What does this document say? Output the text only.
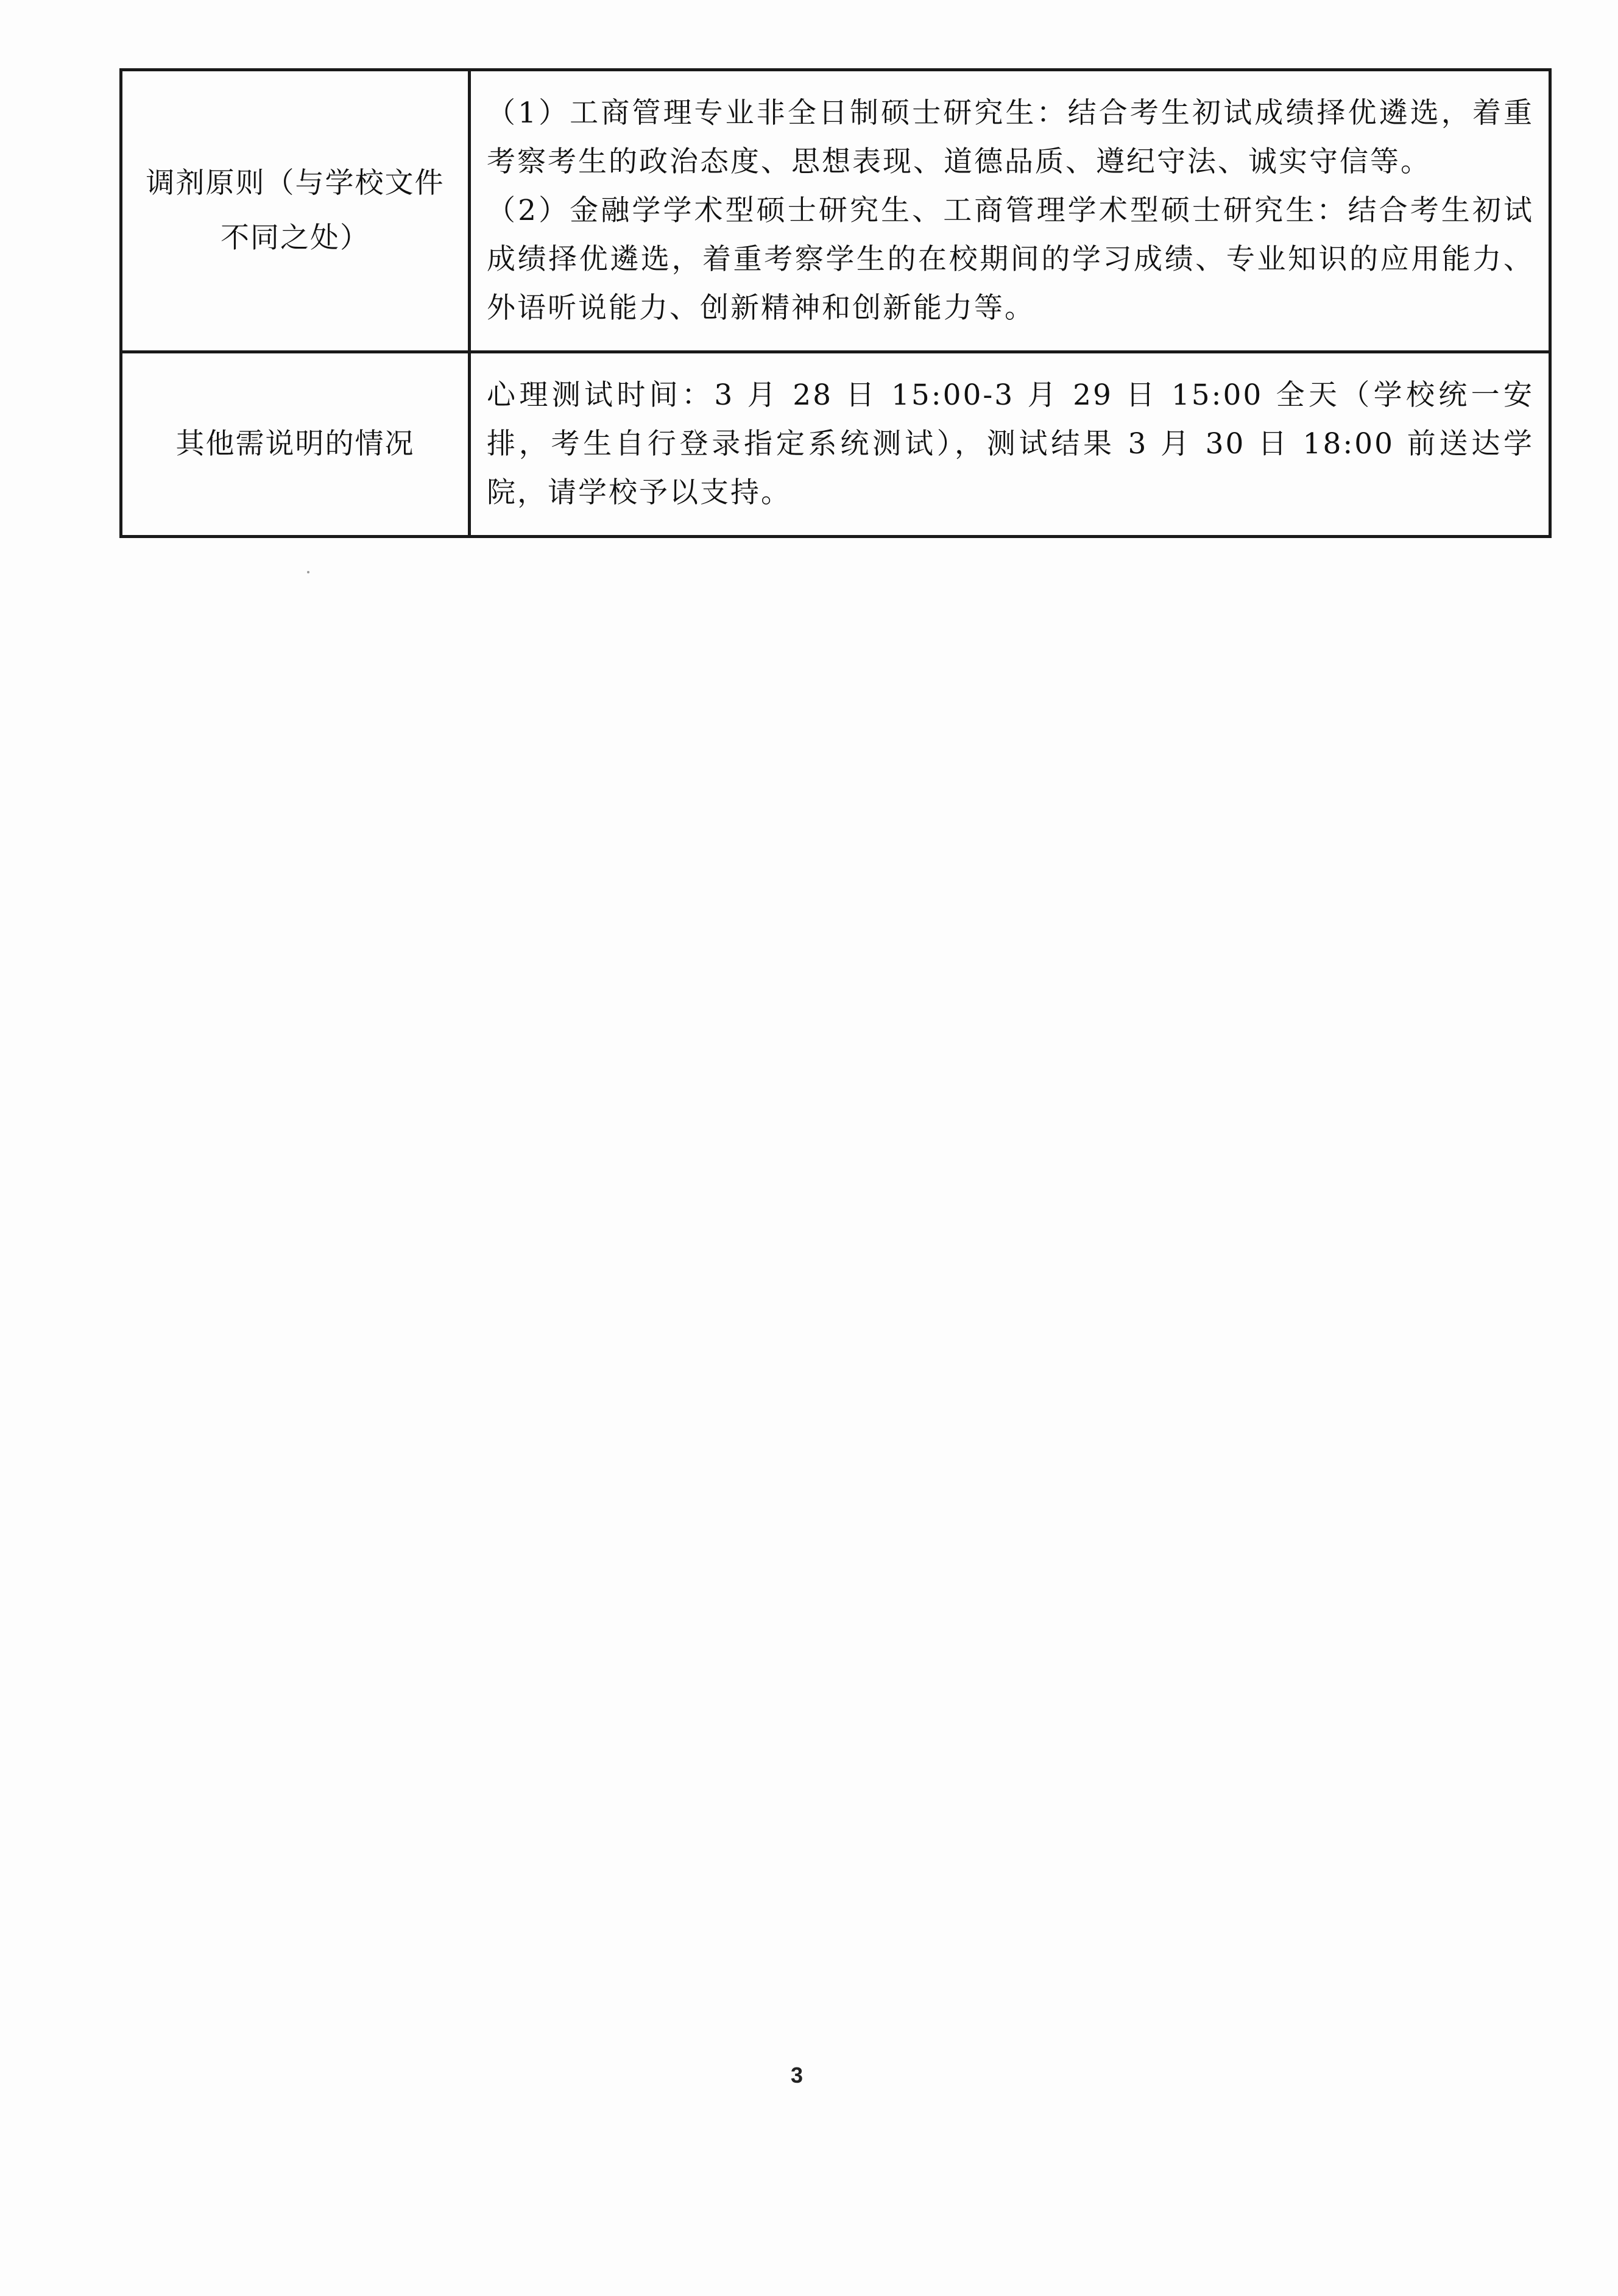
调剂原则（与学校文件不同之处）	（1）工商管理专业非全日制硕士研究生：结合考生初试成绩择优遴选，着重考察考生的政治态度、思想表现、道德品质、遵纪守法、诚实守信等。
（2）金融学学术型硕士研究生、工商管理学术型硕士研究生：结合考生初试成绩择优遴选，着重考察学生的在校期间的学习成绩、专业知识的应用能力、外语听说能力、创新精神和创新能力等。

其他需说明的情况	心理测试时间：3 月 28 日 15:00-3 月 29 日 15:00 全天（学校统一安排，考生自行登录指定系统测试），测试结果 3 月 30 日 18:00 前送达学院，请学校予以支持。
3
